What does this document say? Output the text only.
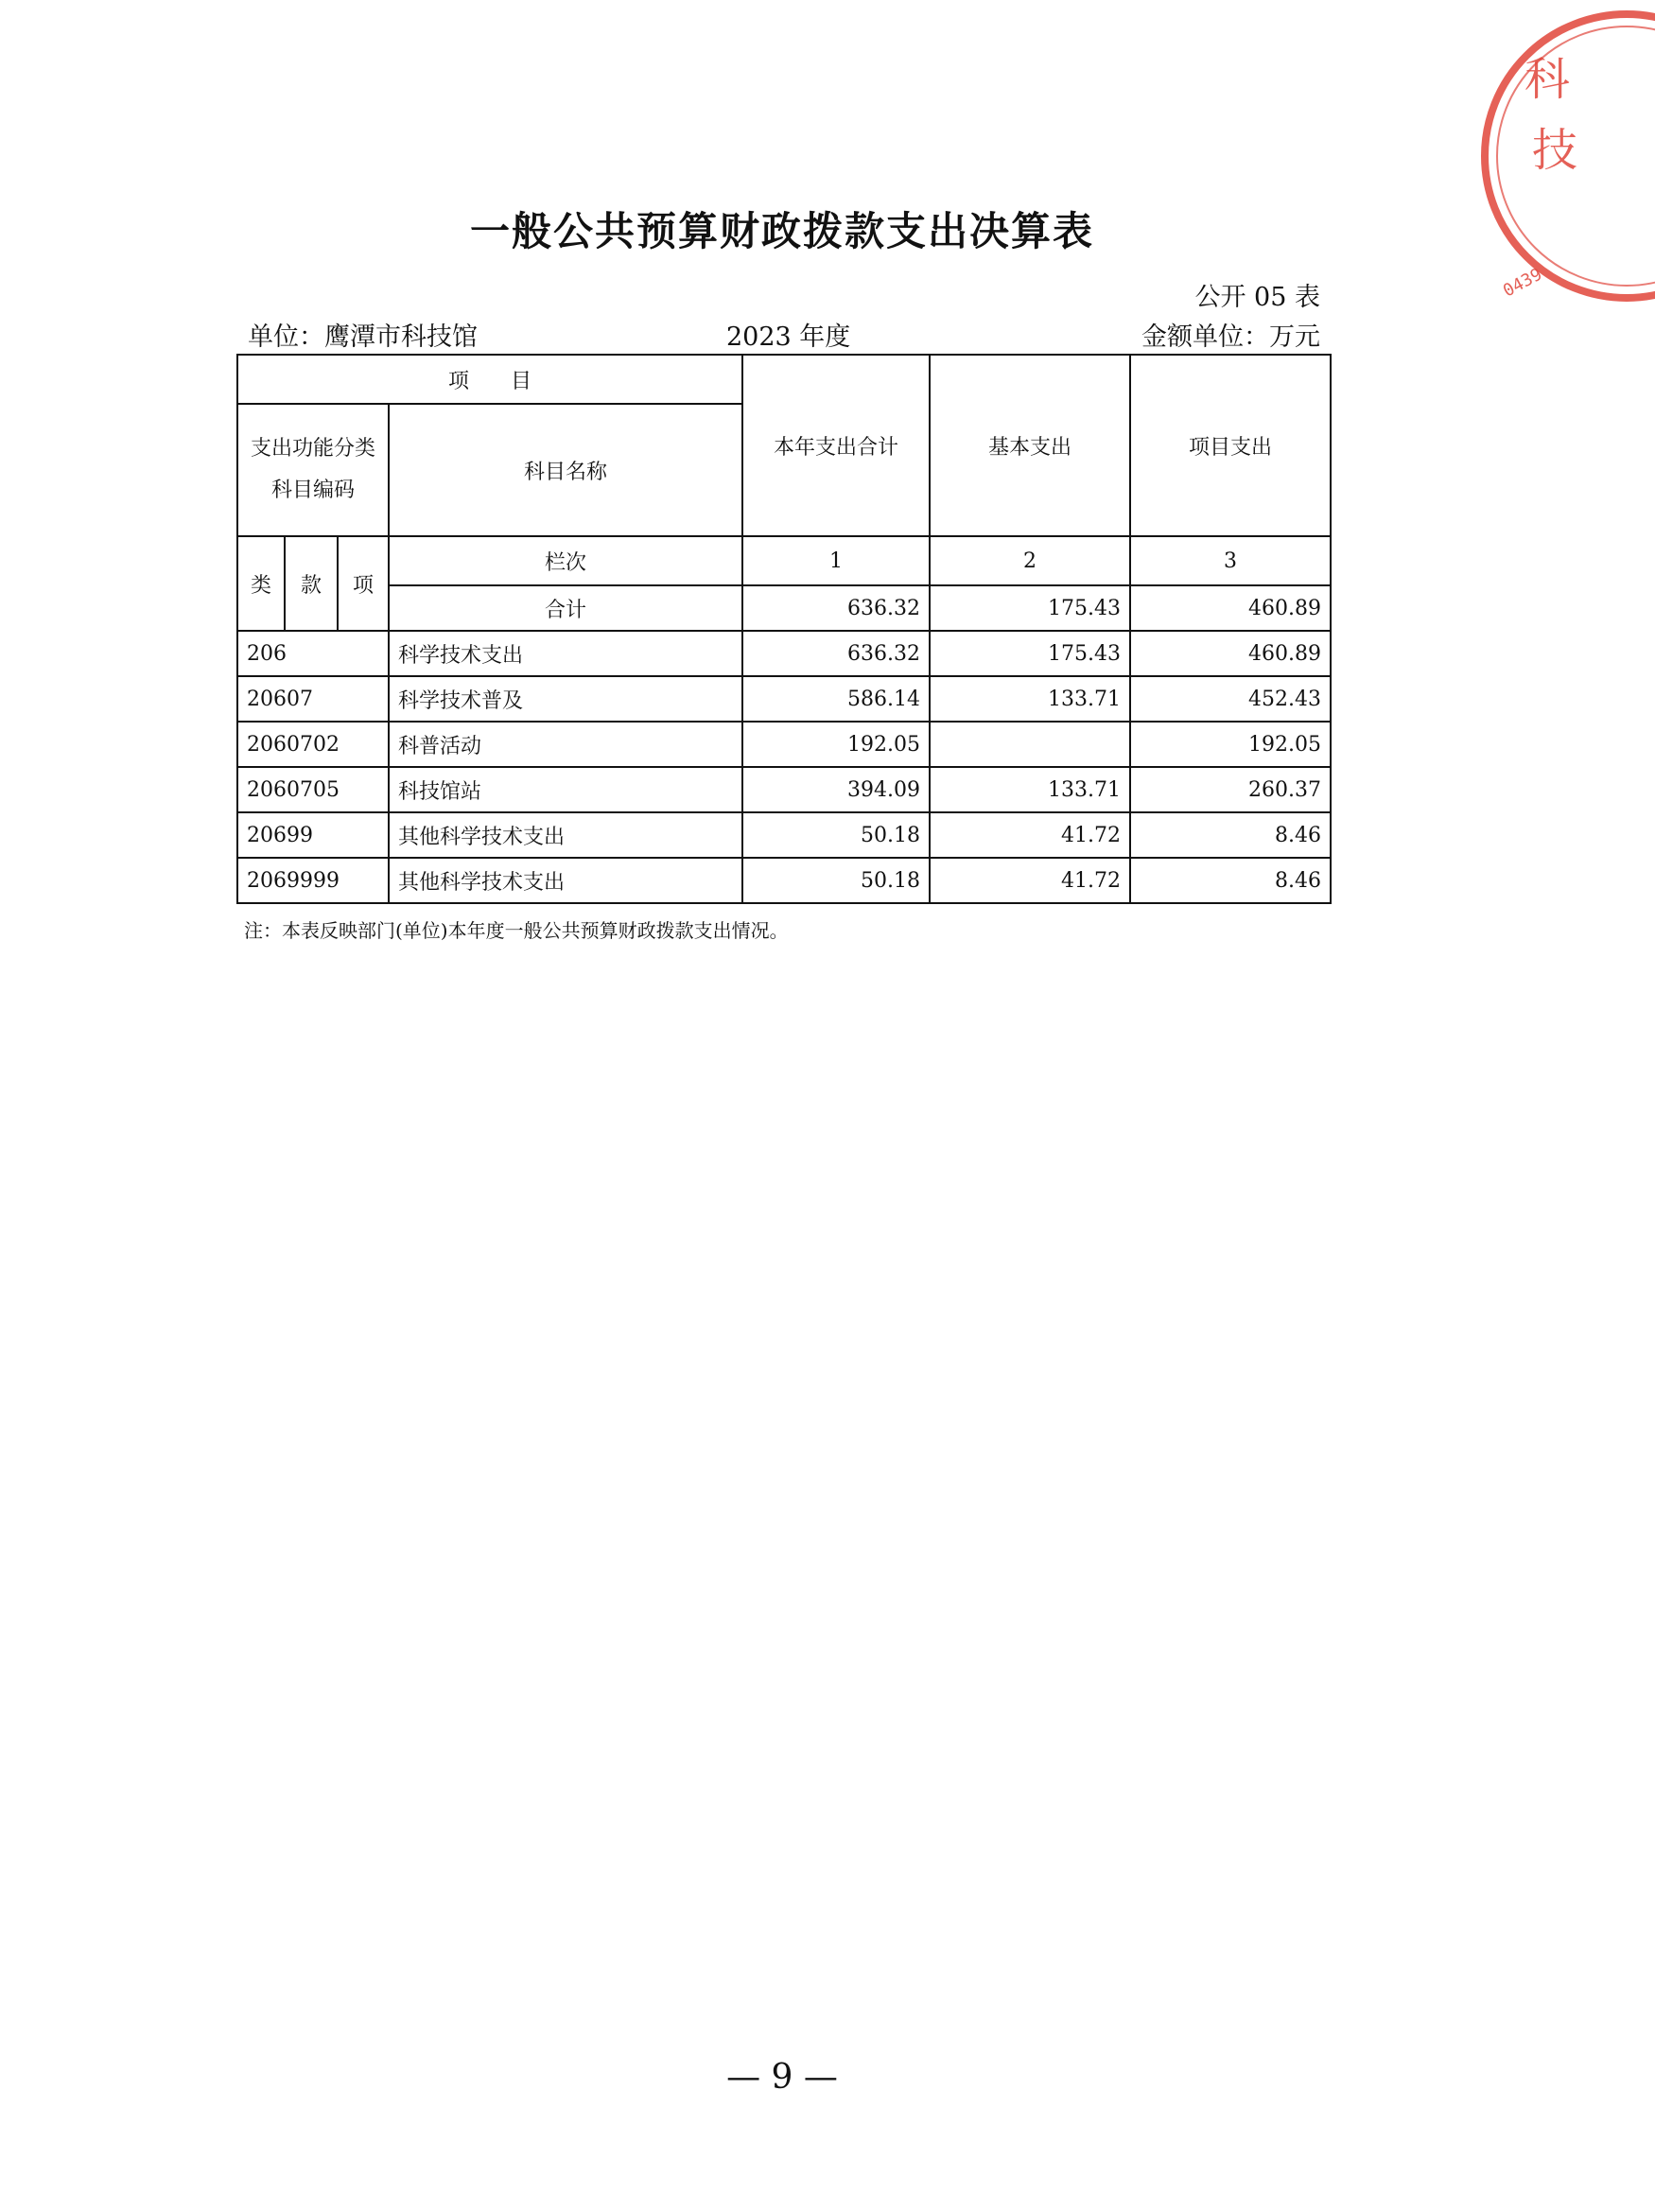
一般公共预算财政拨款支出决算表
公开 05 表
单位：鹰潭市科技馆	2023 年度	金额单位：万元
项　　目				本年支出合计	基本支出	项目支出

支出功能分类
科目编码			科目名称			
类	款	项	栏次	1	2	3
			合计	636.32	175.43	460.89
206			科学技术支出	636.32	175.43	460.89
20607			科学技术普及	586.14	133.71	452.43
2060702			科普活动	192.05		192.05
2060705			科技馆站	394.09	133.71	260.37
20699			其他科学技术支出	50.18	41.72	8.46
2069999			其他科学技术支出	50.18	41.72	8.46
注：本表反映部门(单位)本年度一般公共预算财政拨款支出情况。
— 9 —
科
技
0439
